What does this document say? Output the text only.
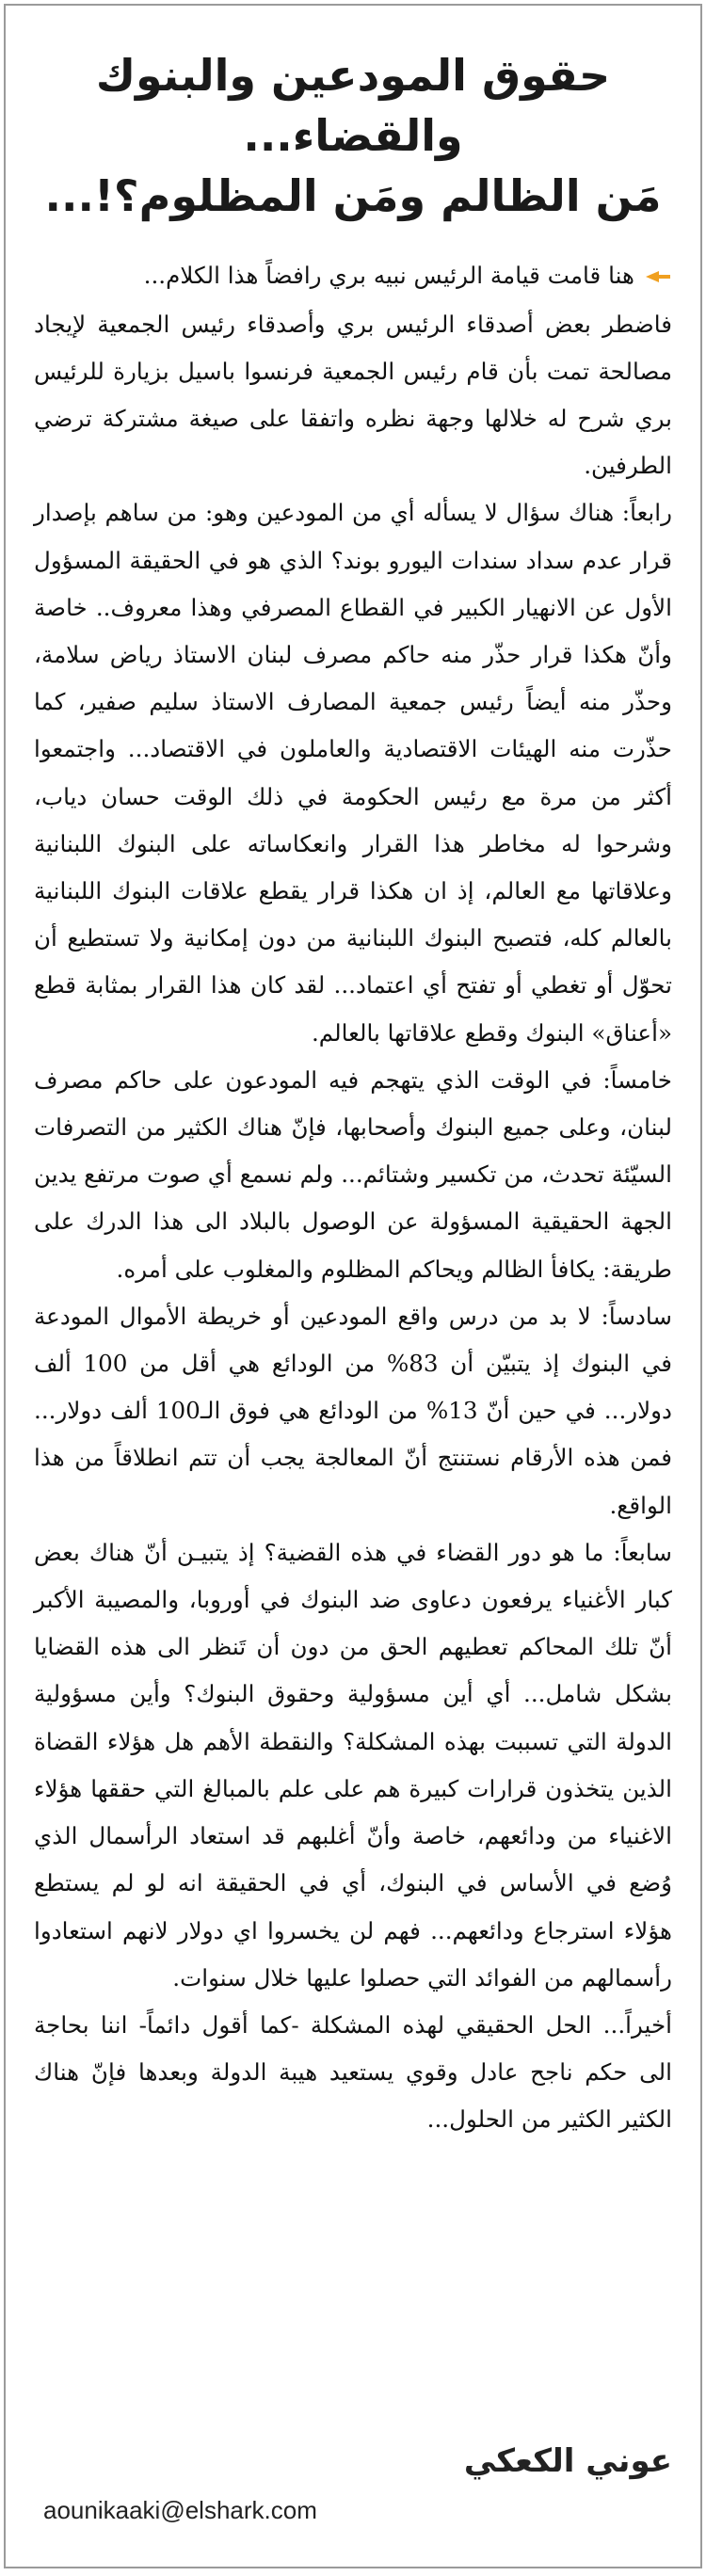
حقوق المودعين والبنوك والقضاء...
مَن الظالم ومَن المظلوم؟!...

هنا قامت قيامة الرئيس نبيه بري رافضاً هذا الكلام...

فاضطر بعض أصدقاء الرئيس بري وأصدقاء رئيس الجمعية لإيجاد مصالحة تمت بأن قام رئيس الجمعية فرنسوا باسيل بزيارة للرئيس بري شرح له خلالها وجهة نظره واتفقا على صيغة مشتركة ترضي الطرفين.

رابعاً: هناك سؤال لا يسأله أي من المودعين وهو: من ساهم بإصدار قرار عدم سداد سندات اليورو بوند؟ الذي هو في الحقيقة المسؤول الأول عن الانهيار الكبير في القطاع المصرفي وهذا معروف.. خاصة وأنّ هكذا قرار حذّر منه حاكم مصرف لبنان الاستاذ رياض سلامة، وحذّر منه أيضاً رئيس جمعية المصارف الاستاذ سليم صفير، كما حذّرت منه الهيئات الاقتصادية والعاملون في الاقتصاد... واجتمعوا أكثر من مرة مع رئيس الحكومة في ذلك الوقت حسان دياب، وشرحوا له مخاطر هذا القرار وانعكاساته على البنوك اللبنانية وعلاقاتها مع العالم، إذ ان هكذا قرار يقطع علاقات البنوك اللبنانية بالعالم كله، فتصبح البنوك اللبنانية من دون إمكانية ولا تستطيع أن تحوّل أو تغطي أو تفتح أي اعتماد... لقد كان هذا القرار بمثابة قطع «أعناق» البنوك وقطع علاقاتها بالعالم.

خامساً: في الوقت الذي يتهجم فيه المودعون على حاكم مصرف لبنان، وعلى جميع البنوك وأصحابها، فإنّ هناك الكثير من التصرفات السيّئة تحدث، من تكسير وشتائم... ولم نسمع أي صوت مرتفع يدين الجهة الحقيقية المسؤولة عن الوصول بالبلاد الى هذا الدرك على طريقة: يكافأ الظالم ويحاكم المظلوم والمغلوب على أمره.

سادساً: لا بد من درس واقع المودعين أو خريطة الأموال المودعة في البنوك إذ يتبيّن أن 83% من الودائع هي أقل من 100 ألف دولار... في حين أنّ 13% من الودائع هي فوق الـ100 ألف دولار... فمن هذه الأرقام نستنتج أنّ المعالجة يجب أن تتم انطلاقاً من هذا الواقع.

سابعاً: ما هو دور القضاء في هذه القضية؟ إذ يتبيـن أنّ هناك بعض كبار الأغنياء يرفعون دعاوى ضد البنوك في أوروبا، والمصيبة الأكبر أنّ تلك المحاكم تعطيهم الحق من دون أن تَنظر الى هذه القضايا بشكل شامل... أي أين مسؤولية وحقوق البنوك؟ وأين مسؤولية الدولة التي تسببت بهذه المشكلة؟ والنقطة الأهم هل هؤلاء القضاة الذين يتخذون قرارات كبيرة هم على علم بالمبالغ التي حققها هؤلاء الاغنياء من ودائعهم، خاصة وأنّ أغلبهم قد استعاد الرأسمال الذي وُضع في الأساس في البنوك، أي في الحقيقة انه لو لم يستطع هؤلاء استرجاع ودائعهم... فهم لن يخسروا اي دولار لانهم استعادوا رأسمالهم من الفوائد التي حصلوا عليها خلال سنوات.

أخيراً... الحل الحقيقي لهذه المشكلة -كما أقول دائماً- اننا بحاجة الى حكم ناجح عادل وقوي يستعيد هيبة الدولة وبعدها فإنّ هناك الكثير الكثير من الحلول...

عوني الكعكي
aounikaaki@elshark.com
